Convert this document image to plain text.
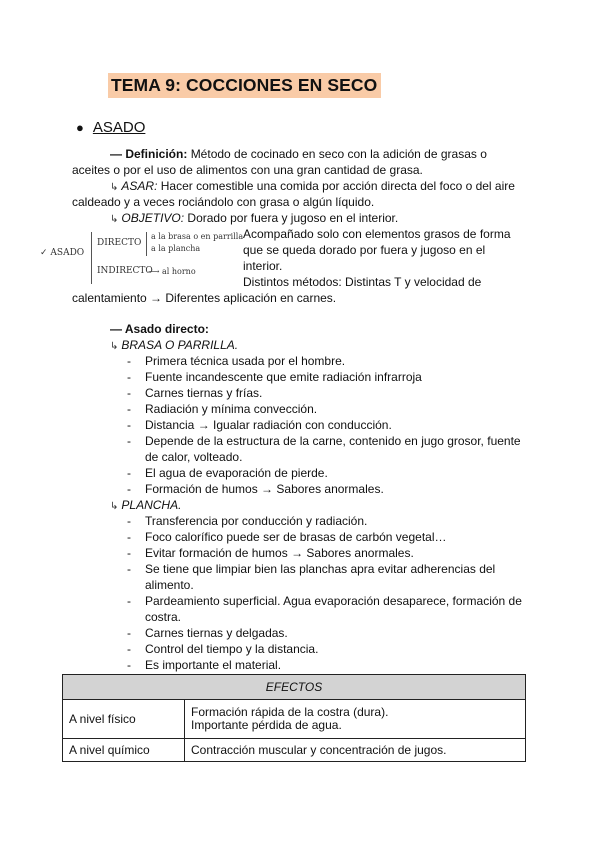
TEMA 9: COCCIONES EN SECO
● ASADO
— Definición: Método de cocinado en seco con la adición de grasas o
aceites o por el uso de alimentos con una gran cantidad de grasa.
↳ ASAR: Hacer comestible una comida por acción directa del foco o del aire
caldeado y a veces rociándolo con grasa o algún líquido.
↳ OBJETIVO: Dorado por fuera y jugoso en el interior.
✓ ASADO
DIRECTO
a la brasa o en parrilla
a la plancha
INDIRECTO
⟶ al horno
Acompañado solo con elementos grasos de forma
que se queda dorado por fuera y jugoso en el
interior.
Distintos métodos: Distintas T y velocidad de
calentamiento → Diferentes aplicación en carnes.
— Asado directo:
↳ BRASA O PARRILLA.
- Primera técnica usada por el hombre.
- Fuente incandescente que emite radiación infrarroja
- Carnes tiernas y frías.
- Radiación y mínima convección.
- Distancia → Igualar radiación con conducción.
- Depende de la estructura de la carne, contenido en jugo grosor, fuente
de calor, volteado.
- El agua de evaporación de pierde.
- Formación de humos → Sabores anormales.
↳ PLANCHA.
- Transferencia por conducción y radiación.
- Foco calorífico puede ser de brasas de carbón vegetal…
- Evitar formación de humos → Sabores anormales.
- Se tiene que limpiar bien las planchas apra evitar adherencias del
alimento.
- Pardeamiento superficial. Agua evaporación desaparece, formación de
costra.
- Carnes tiernas y delgadas.
- Control del tiempo y la distancia.
- Es importante el material.
EFECTOS	
A nivel físico	Formación rápida de la costra (dura).
Importante pérdida de agua.

A nivel químico	Contracción muscular y concentración de jugos.
